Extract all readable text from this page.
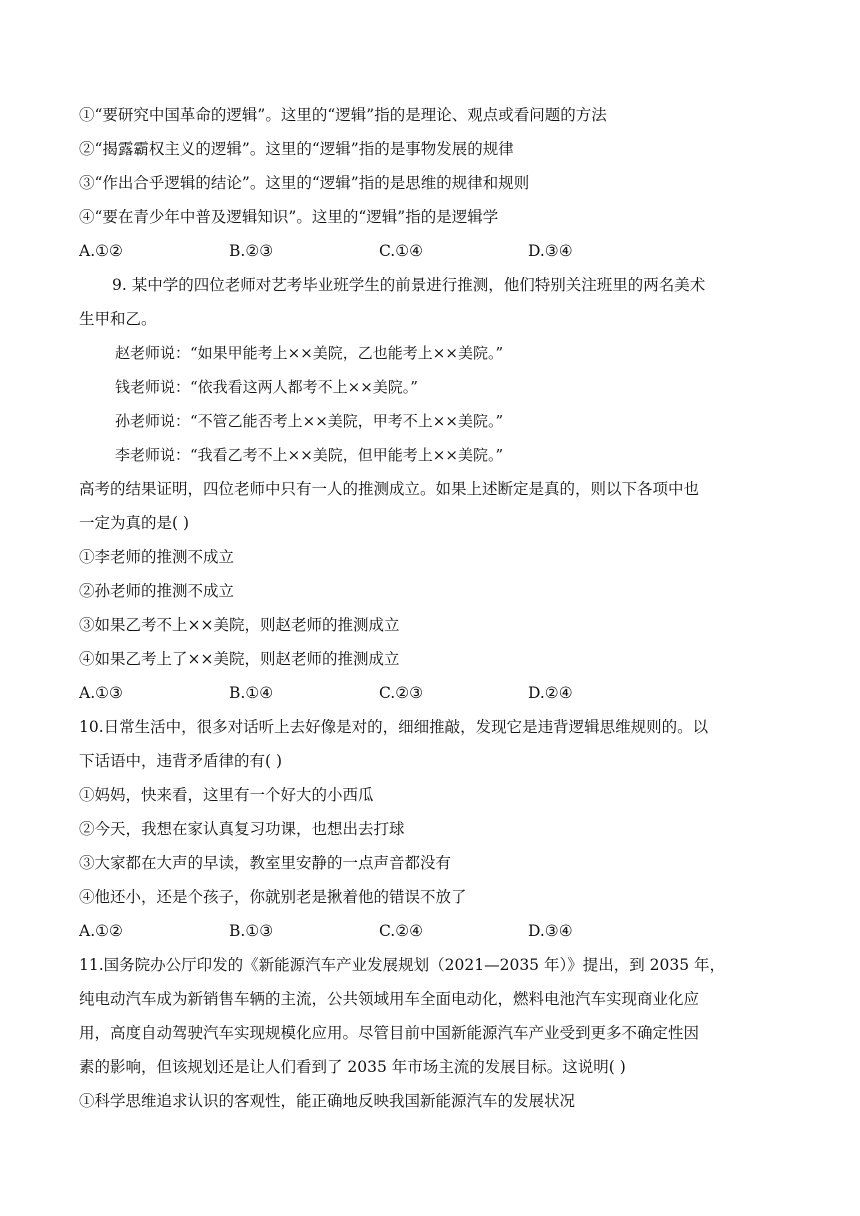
①“要研究中国革命的逻辑”。这里的“逻辑”指的是理论、观点或看问题的方法
②“揭露霸权主义的逻辑”。这里的“逻辑”指的是事物发展的规律
③“作出合乎逻辑的结论”。这里的“逻辑”指的是思维的规律和规则
④“要在青少年中普及逻辑知识”。这里的“逻辑”指的是逻辑学
A.①②	B.②③	C.①④	D.③④
9. 某中学的四位老师对艺考毕业班学生的前景进行推测，他们特别关注班里的两名美术
生甲和乙。
赵老师说：“如果甲能考上××美院，乙也能考上××美院。”
钱老师说：“依我看这两人都考不上××美院。”
孙老师说：“不管乙能否考上××美院，甲考不上××美院。”
李老师说：“我看乙考不上××美院，但甲能考上××美院。”
高考的结果证明，四位老师中只有一人的推测成立。如果上述断定是真的，则以下各项中也
一定为真的是( )
①李老师的推测不成立
②孙老师的推测不成立
③如果乙考不上××美院，则赵老师的推测成立
④如果乙考上了××美院，则赵老师的推测成立
A.①③	B.①④	C.②③	D.②④
10.日常生活中，很多对话听上去好像是对的，细细推敲，发现它是违背逻辑思维规则的。以
下话语中，违背矛盾律的有( )
①妈妈，快来看，这里有一个好大的小西瓜
②今天，我想在家认真复习功课，也想出去打球
③大家都在大声的早读，教室里安静的一点声音都没有
④他还小，还是个孩子，你就别老是揪着他的错误不放了
A.①②	B.①③	C.②④	D.③④
11.国务院办公厅印发的《新能源汽车产业发展规划（2021—2035 年）》提出，到 2035 年，
纯电动汽车成为新销售车辆的主流，公共领域用车全面电动化，燃料电池汽车实现商业化应
用，高度自动驾驶汽车实现规模化应用。尽管目前中国新能源汽车产业受到更多不确定性因
素的影响，但该规划还是让人们看到了 2035 年市场主流的发展目标。这说明( )
①科学思维追求认识的客观性，能正确地反映我国新能源汽车的发展状况
